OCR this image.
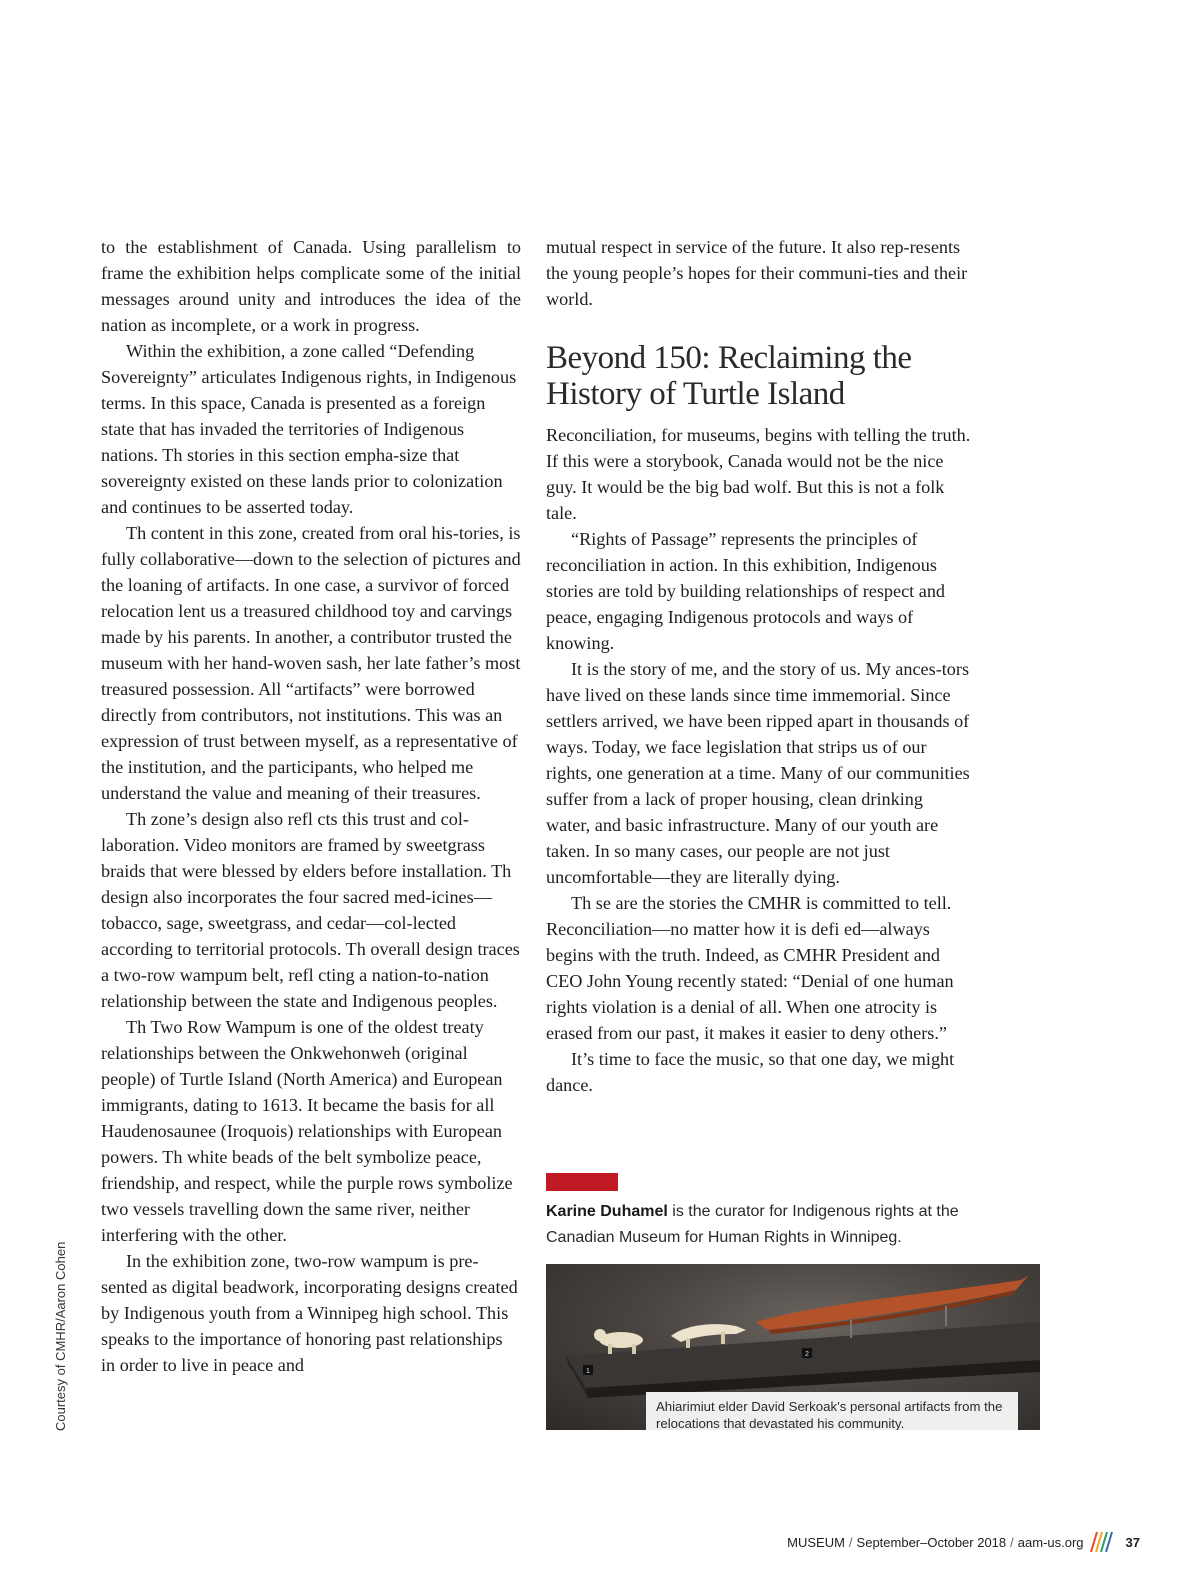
to the establishment of Canada. Using parallelism to frame the exhibition helps complicate some of the initial messages around unity and introduces the idea of the nation as incomplete, or a work in progress.

Within the exhibition, a zone called “Defending Sovereignty” articulates Indigenous rights, in Indigenous terms. In this space, Canada is presented as a foreign state that has invaded the territories of Indigenous nations. Th stories in this section empha-size that sovereignty existed on these lands prior to colonization and continues to be asserted today.

Th content in this zone, created from oral his-tories, is fully collaborative—down to the selection of pictures and the loaning of artifacts. In one case, a survivor of forced relocation lent us a treasured childhood toy and carvings made by his parents. In another, a contributor trusted the museum with her hand-woven sash, her late father’s most treasured possession. All “artifacts” were borrowed directly from contributors, not institutions. This was an expression of trust between myself, as a representative of the institution, and the participants, who helped me understand the value and meaning of their treasures.

Th zone’s design also refl cts this trust and col-laboration. Video monitors are framed by sweetgrass braids that were blessed by elders before installation. Th design also incorporates the four sacred med-icines—tobacco, sage, sweetgrass, and cedar—col-lected according to territorial protocols. Th overall design traces a two-row wampum belt, refl cting a nation-to-nation relationship between the state and Indigenous peoples.

Th Two Row Wampum is one of the oldest treaty relationships between the Onkwehonweh (original people) of Turtle Island (North America) and European immigrants, dating to 1613. It became the basis for all Haudenosaunee (Iroquois) relationships with European powers. Th white beads of the belt symbolize peace, friendship, and respect, while the purple rows symbolize two vessels travelling down the same river, neither interfering with the other.

In the exhibition zone, two-row wampum is pre-sented as digital beadwork, incorporating designs created by Indigenous youth from a Winnipeg high school. This speaks to the importance of honoring past relationships in order to live in peace and

mutual respect in service of the future. It also rep-resents the young people’s hopes for their communi-ties and their world.

Beyond 150: Reclaiming the History of Turtle Island

Reconciliation, for museums, begins with telling the truth. If this were a storybook, Canada would not be the nice guy. It would be the big bad wolf. But this is not a folk tale.

“Rights of Passage” represents the principles of reconciliation in action. In this exhibition, Indigenous stories are told by building relationships of respect and peace, engaging Indigenous protocols and ways of knowing.

It is the story of me, and the story of us. My ances-tors have lived on these lands since time immemorial. Since settlers arrived, we have been ripped apart in thousands of ways. Today, we face legislation that strips us of our rights, one generation at a time. Many of our communities suffer from a lack of proper housing, clean drinking water, and basic infrastructure. Many of our youth are taken. In so many cases, our people are not just uncomfortable—they are literally dying.

Th se are the stories the CMHR is committed to tell. Reconciliation—no matter how it is defi ed—always begins with the truth. Indeed, as CMHR President and CEO John Young recently stated: “Denial of one human rights violation is a denial of all. When one atrocity is erased from our past, it makes it easier to deny others.”

It’s time to face the music, so that one day, we might dance.

Courtesy of CMHR/Aaron Cohen
Karine Duhamel is the curator for Indigenous rights at the Canadian Museum for Human Rights in Winnipeg.
1
2
Ahiarimiut elder David Serkoak’s personal artifacts from the relocations that devastated his community.
MUSEUM / September–October 2018 / aam-us.org	37
